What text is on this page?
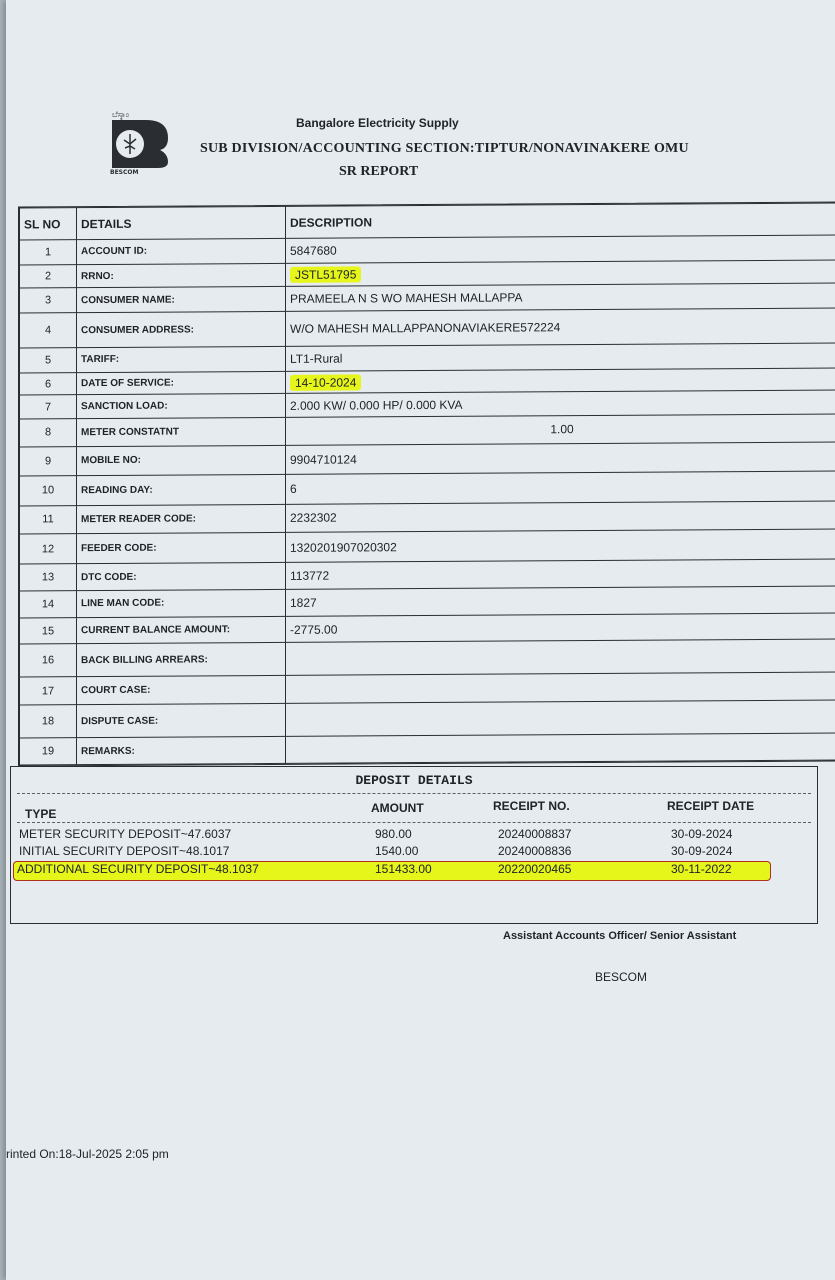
ಬೆಸ್ಕಾಂ
BESCOM
Bangalore Electricity Supply
SUB DIVISION/ACCOUNTING SECTION:TIPTUR/NONAVINAKERE OMU
SR REPORT
SL NO	DETAILS	DESCRIPTION
1	ACCOUNT ID:	5847680
2	RRNO:	JSTL51795
3	CONSUMER NAME:	PRAMEELA N S WO MAHESH MALLAPPA
4	CONSUMER ADDRESS:	W/O MAHESH MALLAPPANONAVIAKERE572224
5	TARIFF:	LT1-Rural
6	DATE OF SERVICE:	14-10-2024
7	SANCTION LOAD:	2.000 KW/ 0.000 HP/ 0.000 KVA
8	METER CONSTATNT	1.00
9	MOBILE NO:	9904710124
10	READING DAY:	6
11	METER READER CODE:	2232302
12	FEEDER CODE:	1320201907020302
13	DTC CODE:	113772
14	LINE MAN CODE:	1827
15	CURRENT BALANCE AMOUNT:	-2775.00
16	BACK BILLING ARREARS:	
17	COURT CASE:	
18	DISPUTE CASE:	
19	REMARKS:	
DEPOSIT DETAILS
TYPE	AMOUNT	RECEIPT NO.	RECEIPT DATE
METER SECURITY DEPOSIT~47.6037	980.00	20240008837	30-09-2024
INITIAL SECURITY DEPOSIT~48.1017	1540.00	20240008836	30-09-2024
ADDITIONAL SECURITY DEPOSIT~48.1037	151433.00	20220020465	30-11-2022
Assistant Accounts Officer/ Senior Assistant
BESCOM
rinted On:18-Jul-2025 2:05 pm
